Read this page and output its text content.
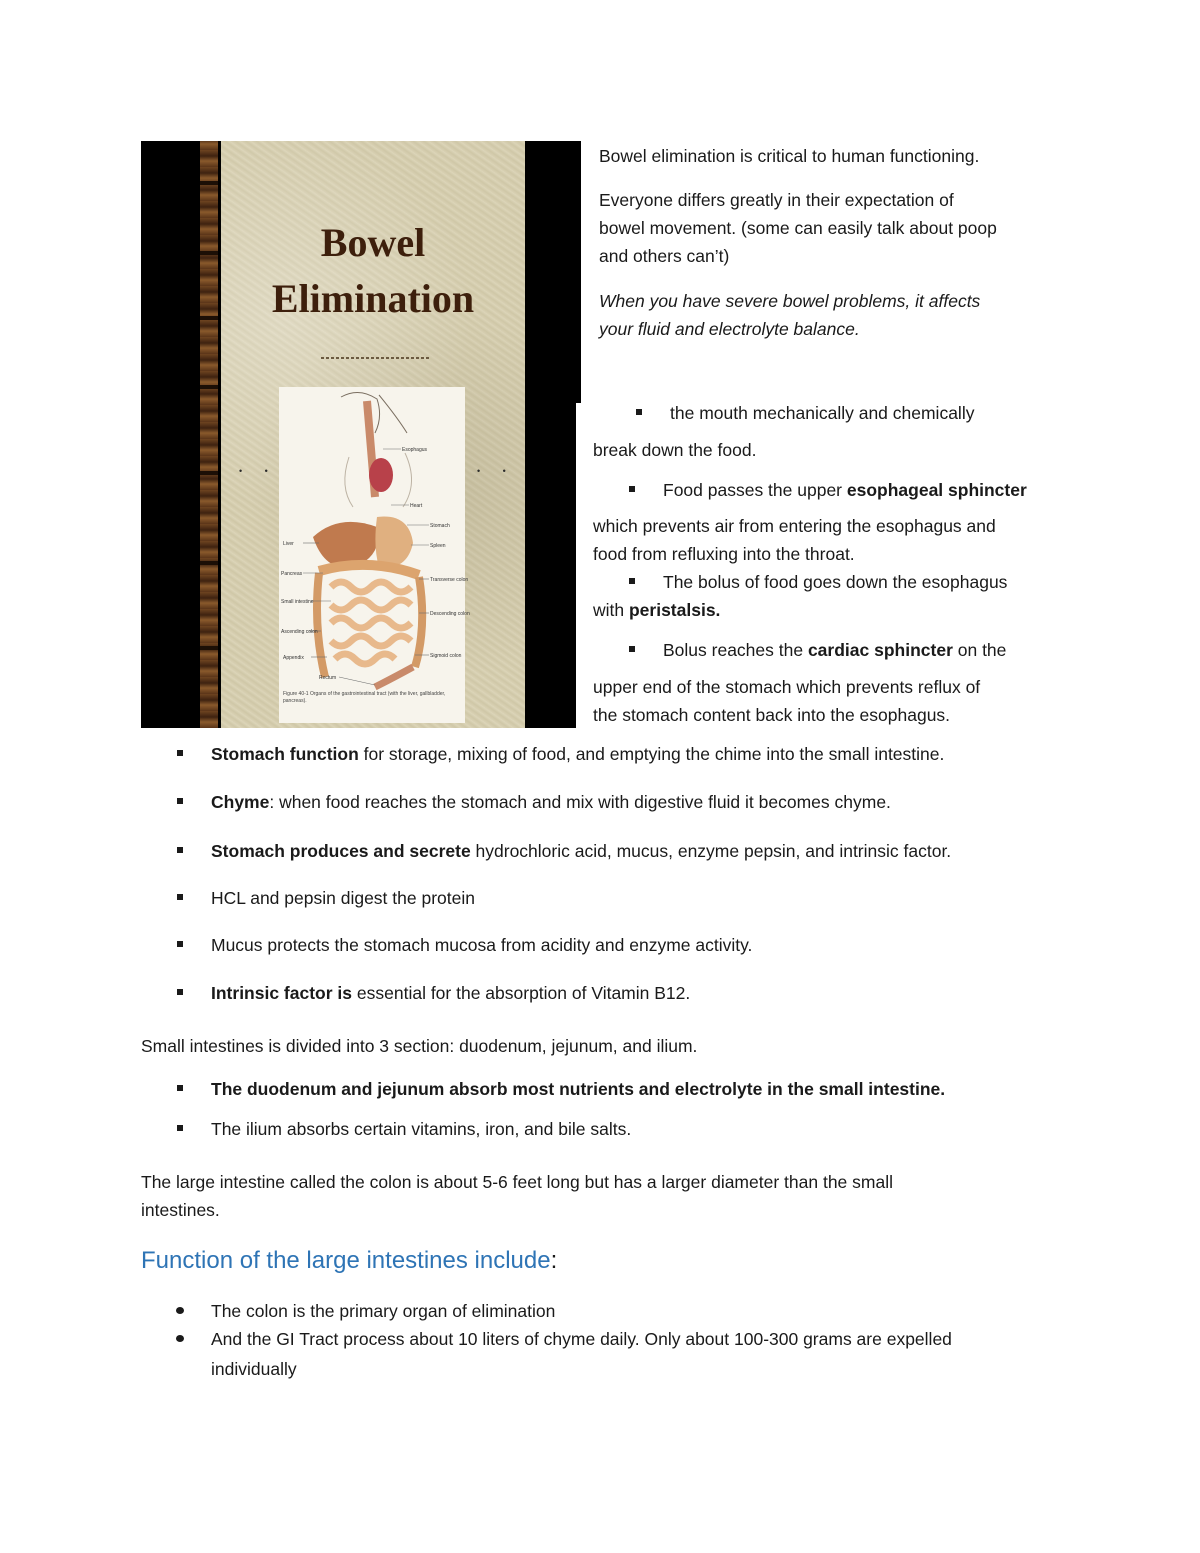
Bowel
Elimination
• •	• •
Esophagus
Heart
Stomach
Spleen
Liver
Pancreas
Transverse colon
Small intestine
Descending colon
Ascending colon
Appendix	Sigmoid colon
Rectum
Figure 40-1 Organs of the gastrointestinal tract (with the liver, gallbladder, pancreas).
Bowel elimination is critical to human functioning.
Everyone differs greatly in their expectation of
bowel movement. (some can easily talk about poop
and others can’t)
When you have severe bowel problems, it affects
your fluid and electrolyte balance.
the mouth mechanically and chemically
break down the food.
Food passes the upper esophageal sphincter
which prevents air from entering the esophagus and
food from refluxing into the throat.
The bolus of food goes down the esophagus
with peristalsis.
Bolus reaches the cardiac sphincter on the
upper end of the stomach which prevents reflux of
the stomach content back into the esophagus.
Stomach function for storage, mixing of food, and emptying the chime into the small intestine.
Chyme: when food reaches the stomach and mix with digestive fluid it becomes chyme.
Stomach produces and secrete hydrochloric acid, mucus, enzyme pepsin, and intrinsic factor.
HCL and pepsin digest the protein
Mucus protects the stomach mucosa from acidity and enzyme activity.
Intrinsic factor is essential for the absorption of Vitamin B12.
Small intestines is divided into 3 section: duodenum, jejunum, and ilium.
The duodenum and jejunum absorb most nutrients and electrolyte in the small intestine.
The ilium absorbs certain vitamins, iron, and bile salts.
The large intestine called the colon is about 5-6 feet long but has a larger diameter than the small
intestines.
Function of the large intestines include:
The colon is the primary organ of elimination
And the GI Tract process about 10 liters of chyme daily. Only about 100-300 grams are expelled
individually
